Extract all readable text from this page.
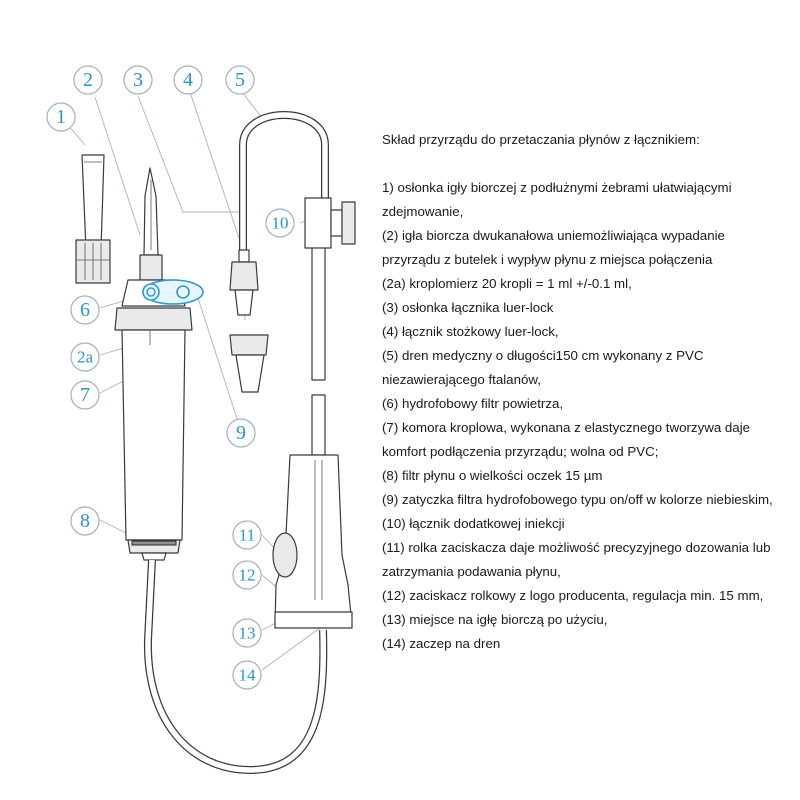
1
2 3 4 5
6
2a
7
9
8
10
11
12
13
14

Skład przyrządu do przetaczania płynów z łącznikiem:

1) osłonka igły biorczej z podłużnymi żebrami ułatwiającymi zdejmowanie,

(2) igła biorcza dwukanałowa uniemożliwiająca wypadanie przyrządu z butelek i wypływ płynu z miejsca połączenia

(2a) kroplomierz 20 kropli = 1 ml +/-0.1 ml,

(3) osłonka łącznika luer-lock

(4) łącznik stożkowy luer-lock,

(5) dren medyczny o długości150 cm wykonany z PVC niezawierającego ftalanów,

(6) hydrofobowy filtr powietrza,

(7) komora kroplowa, wykonana z elastycznego tworzywa daje komfort podłączenia przyrządu; wolna od PVC;

(8) filtr płynu o wielkości oczek 15 µm

(9) zatyczka filtra hydrofobowego typu on/off w kolorze niebieskim,

(10) łącznik dodatkowej iniekcji

(11) rolka zaciskacza daje możliwość precyzyjnego dozowania lub zatrzymania podawania płynu,

(12) zaciskacz rolkowy z logo producenta, regulacja min. 15 mm,

(13) miejsce na igłę biorczą po użyciu,

(14) zaczep na dren
